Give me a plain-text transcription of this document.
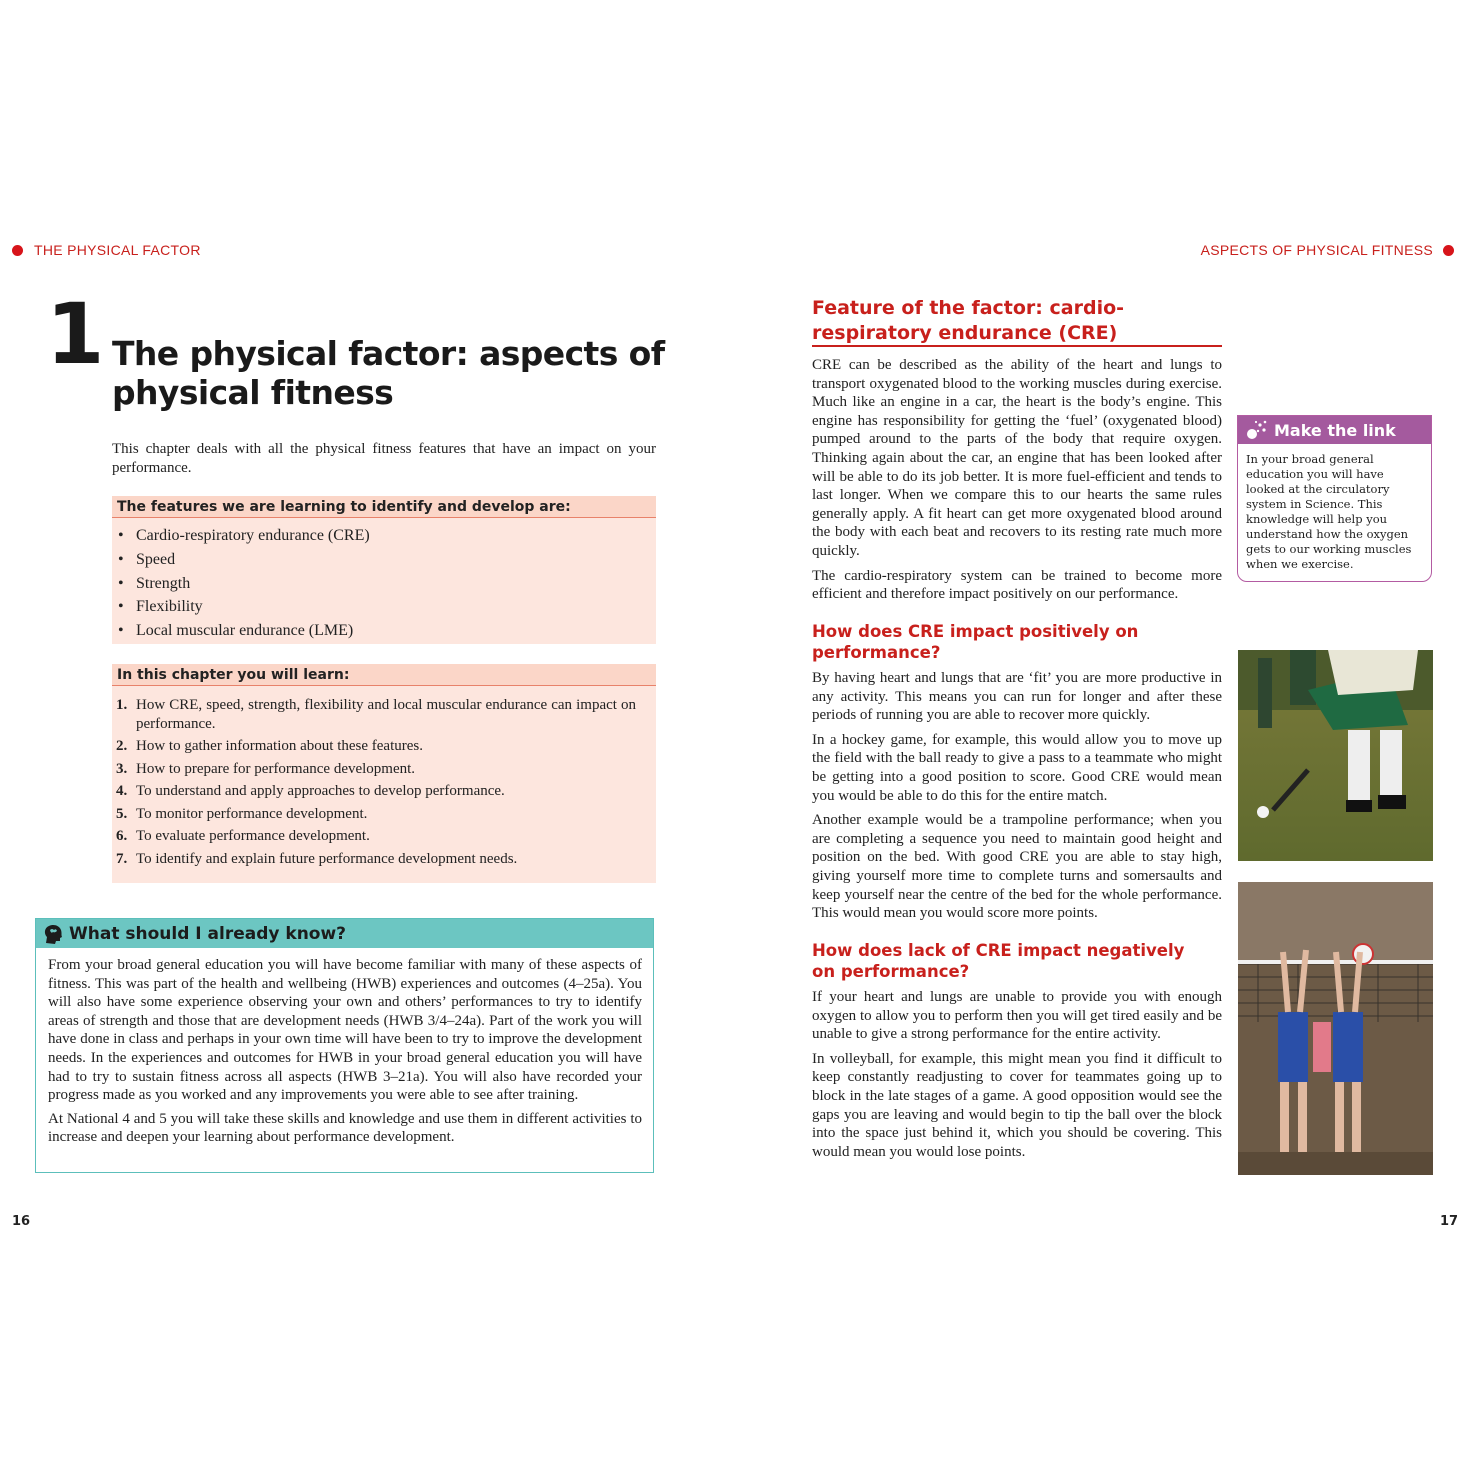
THE PHYSICAL FACTOR
1 The physical factor: aspects of physical fitness
This chapter deals with all the physical fitness features that have an impact on your performance.
The features we are learning to identify and develop are:
• Cardio-respiratory endurance (CRE)
• Speed
• Strength
• Flexibility
• Local muscular endurance (LME)
In this chapter you will learn:
1. How CRE, speed, strength, flexibility and local muscular endurance can impact on performance.
2. How to gather information about these features.
3. How to prepare for performance development.
4. To understand and apply approaches to develop performance.
5. To monitor performance development.
6. To evaluate performance development.
7. To identify and explain future performance development needs.
What should I already know?

From your broad general education you will have become familiar with many of these aspects of fitness. This was part of the health and wellbeing (HWB) experiences and outcomes (4–25a). You will also have some experience observing your own and others’ performances to try to identify areas of strength and those that are development needs (HWB 3/4–24a). Part of the work you will have done in class and perhaps in your own time will have been to try to improve the development needs. In the experiences and outcomes for HWB in your broad general education you will have had to try to sustain fitness across all aspects (HWB 3–21a). You will also have recorded your progress made as you worked and any improvements you were able to see after training.

At National 4 and 5 you will take these skills and knowledge and use them in different activities to increase and deepen your learning about performance development.

16
ASPECTS OF PHYSICAL FITNESS
Feature of the factor: cardio-respiratory endurance (CRE)

CRE can be described as the ability of the heart and lungs to transport oxygenated blood to the working muscles during exercise. Much like an engine in a car, the heart is the body’s engine. This engine has responsibility for getting the ‘fuel’ (oxygenated blood) pumped around to the parts of the body that require oxygen. Thinking again about the car, an engine that has been looked after will be able to do its job better. It is more fuel-efficient and tends to last longer. When we compare this to our hearts the same rules generally apply. A fit heart can get more oxygenated blood around the body with each beat and recovers to its resting rate much more quickly.

The cardio-respiratory system can be trained to become more efficient and therefore impact positively on our performance.

How does CRE impact positively on performance?

By having heart and lungs that are ‘fit’ you are more productive in any activity. This means you can run for longer and after these periods of running you are able to recover more quickly.

In a hockey game, for example, this would allow you to move up the field with the ball ready to give a pass to a teammate who might be getting into a good position to score. Good CRE would mean you would be able to do this for the entire match.

Another example would be a trampoline performance; when you are completing a sequence you need to maintain good height and position on the bed. With good CRE you are able to stay high, giving yourself more time to complete turns and somersaults and keep yourself near the centre of the bed for the whole performance. This would mean you would score more points.

How does lack of CRE impact negatively on performance?

If your heart and lungs are unable to provide you with enough oxygen to allow you to perform then you will get tired easily and be unable to give a strong performance for the entire activity.

In volleyball, for example, this might mean you find it difficult to keep constantly readjusting to cover for teammates going up to block in the late stages of a game. A good opposition would see the gaps you are leaving and would begin to tip the ball over the block into the space just behind it, which you should be covering. This would mean you would lose points.

Make the link
In your broad general education you will have looked at the circulatory system in Science. This knowledge will help you understand how the oxygen gets to our working muscles when we exercise.
17
